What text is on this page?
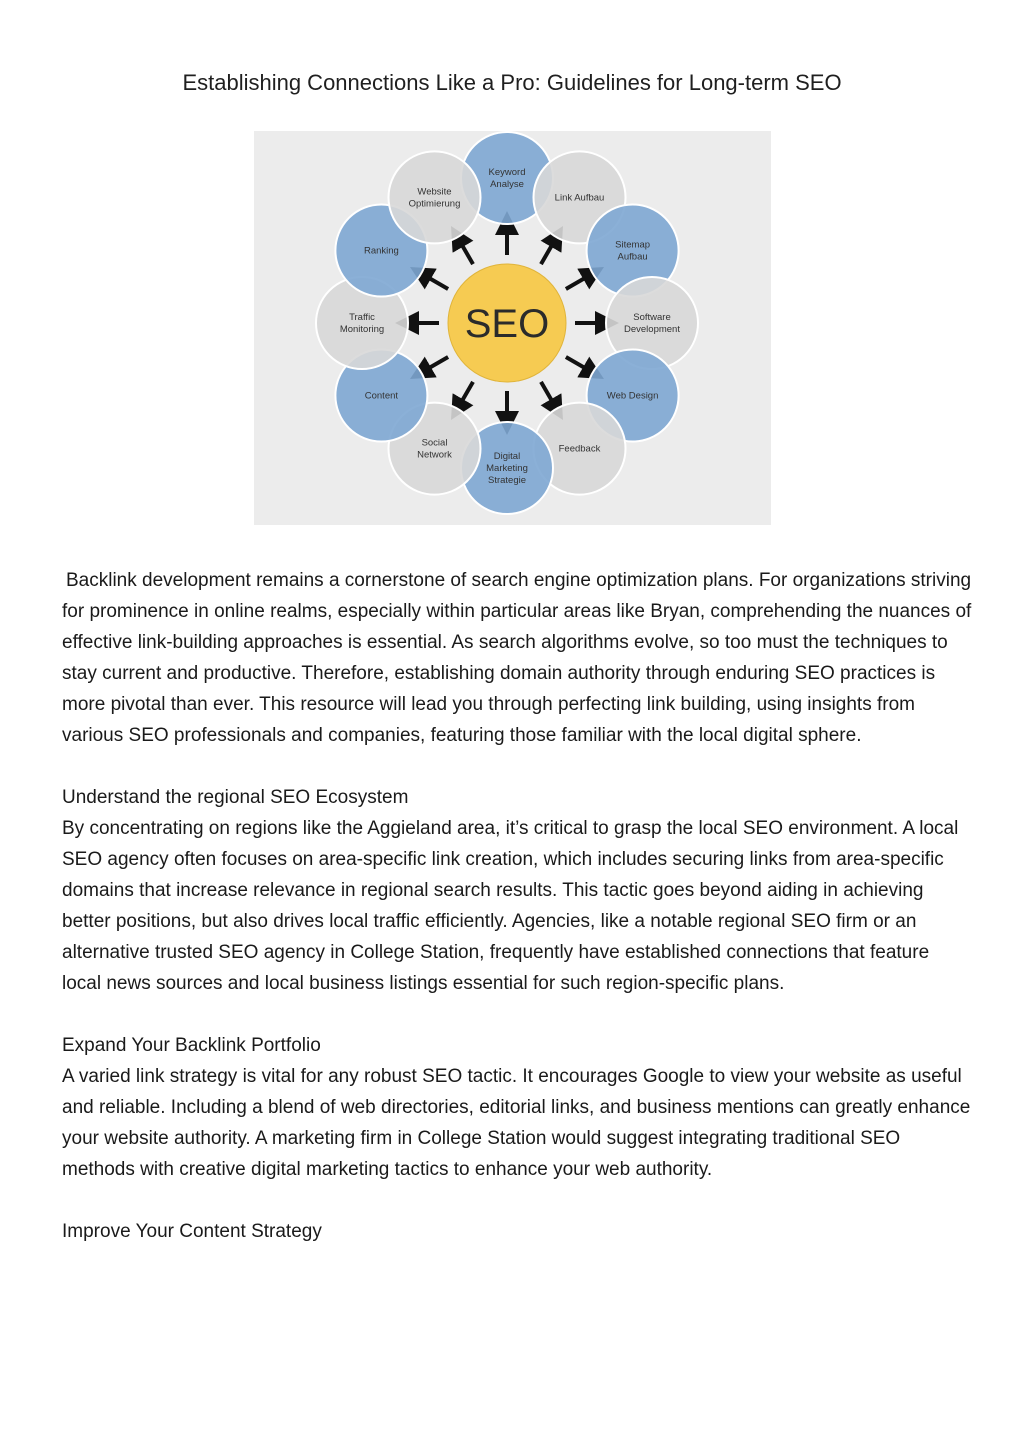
Establishing Connections Like a Pro: Guidelines for Long-term SEO
Keyword Analyse
Link Aufbau
Sitemap Aufbau
Software Development
Web Design
Feedback
Digital Marketing Strategie
Social Network
Content
Traffic Monitoring
Ranking
Website Optimierung
SEO

Backlink development remains a cornerstone of search engine optimization plans. For organizations striving for prominence in online realms, especially within particular areas like Bryan, comprehending the nuances of effective link-building approaches is essential. As search algorithms evolve, so too must the techniques to stay current and productive. Therefore, establishing domain authority through enduring SEO practices is more pivotal than ever. This resource will lead you through perfecting link building, using insights from various SEO professionals and companies, featuring those familiar with the local digital sphere.

Understand the regional SEO Ecosystem

By concentrating on regions like the Aggieland area, it’s critical to grasp the local SEO environment. A local SEO agency often focuses on area-specific link creation, which includes securing links from area-specific domains that increase relevance in regional search results. This tactic goes beyond aiding in achieving better positions, but also drives local traffic efficiently. Agencies, like a notable regional SEO firm or an alternative trusted SEO agency in College Station, frequently have established connections that feature local news sources and local business listings essential for such region-specific plans.

Expand Your Backlink Portfolio

A varied link strategy is vital for any robust SEO tactic. It encourages Google to view your website as useful and reliable. Including a blend of web directories, editorial links, and business mentions can greatly enhance your website authority. A marketing firm in College Station would suggest integrating traditional SEO methods with creative digital marketing tactics to enhance your web authority.

Improve Your Content Strategy
